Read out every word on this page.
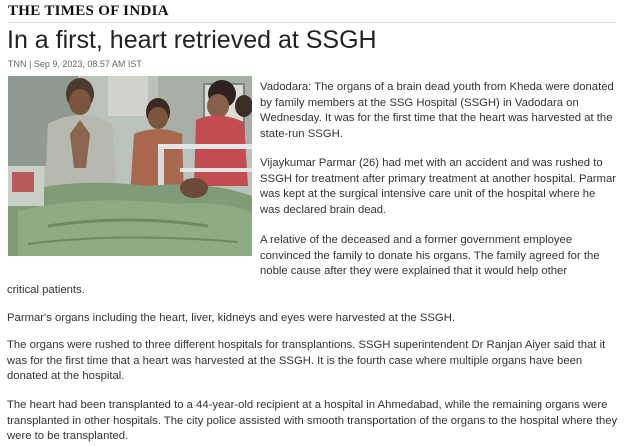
THE TIMES OF INDIA
In a first, heart retrieved at SSGH
TNN | Sep 9, 2023, 08.57 AM IST

Vadodara: The organs of a brain dead youth from Kheda were donated by family members at the SSG Hospital (SSGH) in Vadodara on Wednesday. It was for the first time that the heart was harvested at the state-run SSGH.

Vijaykumar Parmar (26) had met with an accident and was rushed to SSGH for treatment after primary treatment at another hospital. Parmar was kept at the surgical intensive care unit of the hospital where he was declared brain dead.

A relative of the deceased and a former government employee convinced the family to donate his organs. The family agreed for the noble cause after they were explained that it would help other

critical patients.

Parmar's organs including the heart, liver, kidneys and eyes were harvested at the SSGH.

The organs were rushed to three different hospitals for transplantions. SSGH superintendent Dr Ranjan Aiyer said that it was for the first time that a heart was harvested at the SSGH. It is the fourth case where multiple organs have been donated at the hospital.

The heart had been transplanted to a 44-year-old recipient at a hospital in Ahmedabad, while the remaining organs were transplanted in other hospitals. The city police assisted with smooth transportation of the organs to the hospital where they were to be transplanted.
